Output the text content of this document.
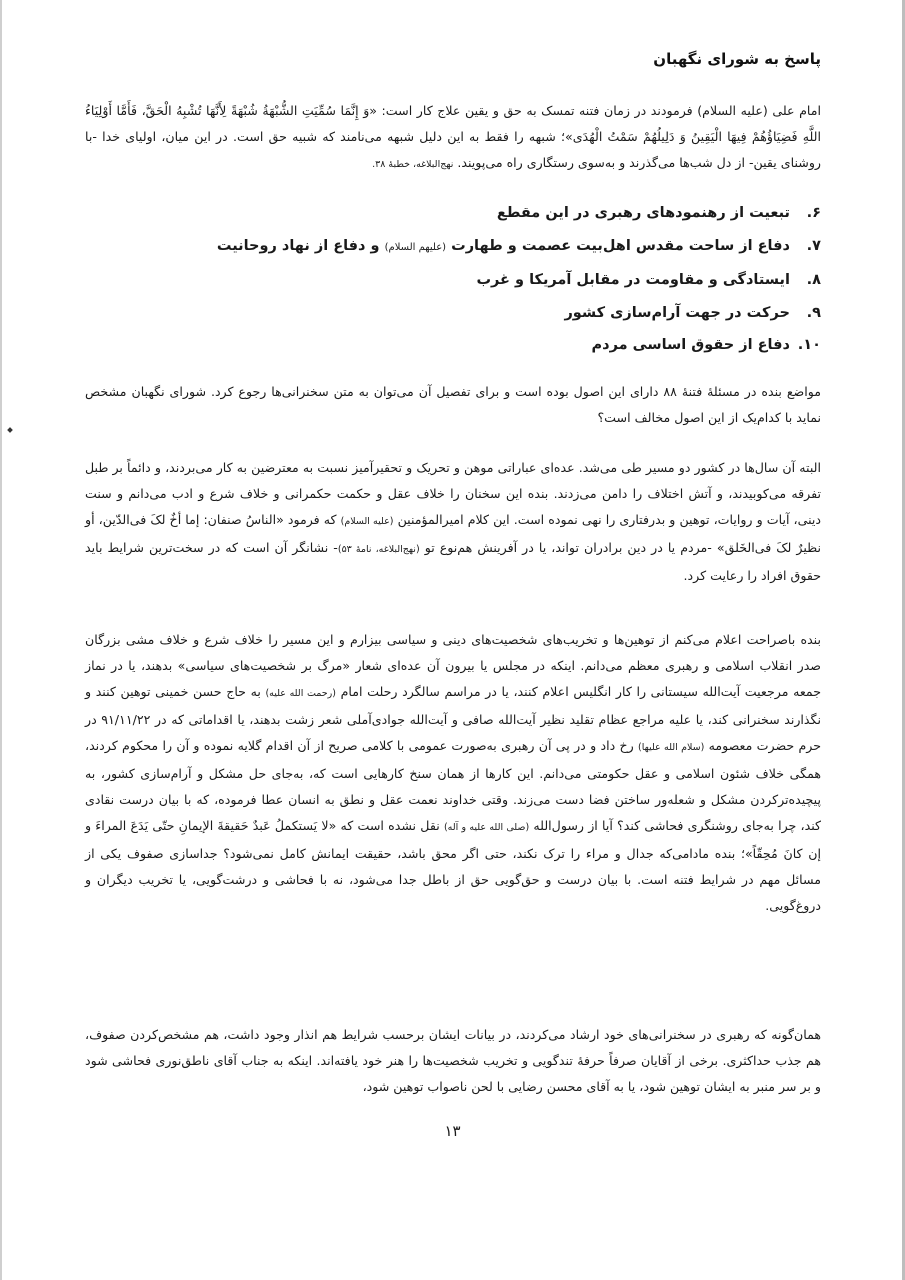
پاسخ به شورای نگهبان

امام علی (علیه السلام) فرمودند در زمان فتنه تمسک به حق و یقین علاج کار است: «وَ إِنَّمَا سُمِّیَتِ الشُّبْهَةُ شُبْهَةً لِأَنَّهَا تُشْبِهُ الْحَقَّ، فَأَمَّا أَوْلِیَاءُ اللَّهِ فَضِیَاؤُهُمْ فِیهَا الْیَقِینُ وَ دَلِیلُهُمْ سَمْتُ الْهُدَی»؛ شبهه را فقط به این دلیل شبهه می‌نامند که شبیه حق است. در این میان، اولیای خدا -با روشنای یقین- از دل شب‌ها می‌گذرند و به‌سوی رستگاری راه می‌پویند. نهج‌البلاغه، خطبهٔ ۳۸.

۶. تبعیت از رهنمودهای رهبری در این مقطع
۷. دفاع از ساحت مقدس اهل‌بیت عصمت و طهارت (علیهم السلام) و دفاع از نهاد روحانیت
۸. ایستادگی و مقاومت در مقابل آمریکا و غرب
۹. حرکت در جهت آرام‌سازی کشور
۱۰. دفاع از حقوق اساسی مردم

مواضع بنده در مسئلهٔ فتنهٔ ۸۸ دارای این اصول بوده است و برای تفصیل آن می‌توان به متن سخنرانی‌ها رجوع کرد. شورای نگهبان مشخص نماید با کدام‌یک از این اصول مخالف است؟

البته آن سال‌ها در کشور دو مسیر طی می‌شد. عده‌ای عباراتی موهن و تحریک و تحقیرآمیز نسبت به معترضین به کار می‌بردند، و دائماً بر طبل تفرقه می‌کوبیدند، و آتش اختلاف را دامن می‌زدند. بنده این سخنان را خلاف عقل و حکمت حکمرانی و خلاف شرع و ادب می‌دانم و سنت دینی، آیات و روایات، توهین و بدرفتاری را نهی نموده است. این کلام امیرالمؤمنین (علیه السلام) که فرمود «الناسُ صنفان: إما أخٌ لکَ فی‌الدّین، أو نظیرٌ لکَ فی‌الخَلق» -مردم یا در دین برادران تواند، یا در آفرینش هم‌نوع تو (نهج‌البلاغه، نامهٔ ۵۳)- نشانگر آن است که در سخت‌ترین شرایط باید حقوق افراد را رعایت کرد.

بنده باصراحت اعلام می‌کنم از توهین‌ها و تخریب‌های شخصیت‌های دینی و سیاسی بیزارم و این مسیر را خلاف شرع و خلاف مشی بزرگان صدر انقلاب اسلامی و رهبری معظم می‌دانم. اینکه در مجلس یا بیرون آن عده‌ای شعار «مرگ بر شخصیت‌های سیاسی» بدهند، یا در نماز جمعه مرجعیت آیت‌الله سیستانی را کار انگلیس اعلام کنند، یا در مراسم سالگرد رحلت امام (رحمت الله علیه) به حاج حسن خمینی توهین کنند و نگذارند سخنرانی کند، یا علیه مراجع عظام تقلید نظیر آیت‌الله صافی و آیت‌الله جوادی‌آملی شعر زشت بدهند، یا اقداماتی که در ۹۱/۱۱/۲۲ در حرم حضرت معصومه (سلام الله علیها) رخ داد و در پی آن رهبری به‌صورت عمومی با کلامی صریح از آن اقدام گلایه نموده و آن را محکوم کردند، همگی خلاف شئون اسلامی و عقل حکومتی می‌دانم. این کارها از همان سنخ کارهایی است که، به‌جای حل مشکل و آرام‌سازی کشور، به پیچیده‌ترکردن مشکل و شعله‌ور ساختن فضا دست می‌زند. وقتی خداوند نعمت عقل و نطق به انسان عطا فرموده، که با بیان درست نقادی کند، چرا به‌جای روشنگری فحاشی کند؟ آیا از رسول‌الله (صلی الله علیه و آله) نقل نشده است که «لا یَستکملُ عَبدٌ حَقیقةَ الإیمانِ حتّی یَدَعَ المراءَ و إن کانَ مُحِقّاً»؛ بنده مادامی‌که جدال و مراء را ترک نکند، حتی اگر محق باشد، حقیقت ایمانش کامل نمی‌شود؟ جداسازی صفوف یکی از مسائل مهم در شرایط فتنه است. با بیان درست و حق‌گویی حق از باطل جدا می‌شود، نه با فحاشی و درشت‌گویی، یا تخریب دیگران و دروغ‌گویی.

همان‌گونه که رهبری در سخنرانی‌های خود ارشاد می‌کردند، در بیانات ایشان برحسب شرایط هم انذار وجود داشت، هم مشخص‌کردن صفوف، هم جذب حداکثری. برخی از آقایان صرفاً حرفهٔ تندگویی و تخریب شخصیت‌ها را هنر خود یافته‌اند. اینکه به جناب آقای ناطق‌نوری فحاشی شود و بر سر منبر به ایشان توهین شود، یا به آقای محسن رضایی با لحن ناصواب توهین شود،

۱۳
